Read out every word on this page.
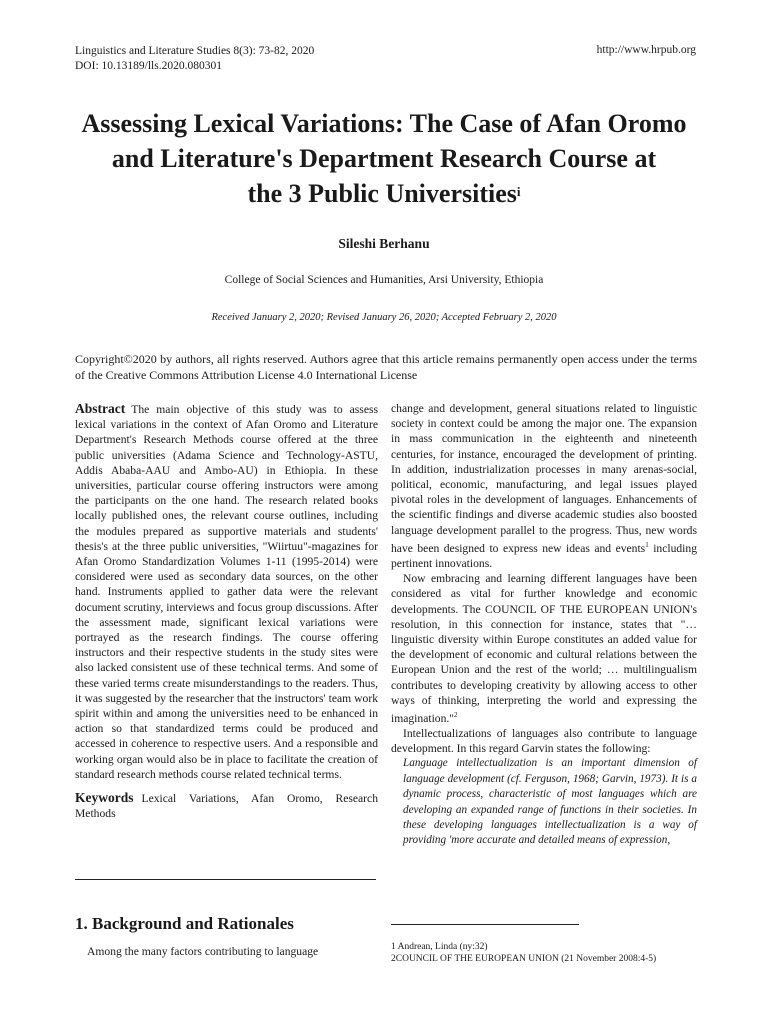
Linguistics and Literature Studies 8(3): 73-82, 2020
DOI: 10.13189/lls.2020.080301
http://www.hrpub.org
Assessing Lexical Variations: The Case of Afan Oromo
and Literature's Department Research Course at
the 3 Public Universities$^i$
Sileshi Berhanu
College of Social Sciences and Humanities, Arsi University, Ethiopia
Received January 2, 2020; Revised January 26, 2020; Accepted February 2, 2020
Copyright©2020 by authors, all rights reserved. Authors agree that this article remains permanently open access under the terms of the Creative Commons Attribution License 4.0 International License

Abstract The main objective of this study was to assess lexical variations in the context of Afan Oromo and Literature Department's Research Methods course offered at the three public universities (Adama Science and Technology-ASTU, Addis Ababa-AAU and Ambo-AU) in Ethiopia. In these universities, particular course offering instructors were among the participants on the one hand. The research related books locally published ones, the relevant course outlines, including the modules prepared as supportive materials and students' thesis's at the three public universities, "Wiirtuu"-magazines for Afan Oromo Standardization Volumes 1-11 (1995-2014) were considered were used as secondary data sources, on the other hand. Instruments applied to gather data were the relevant document scrutiny, interviews and focus group discussions. After the assessment made, significant lexical variations were portrayed as the research findings. The course offering instructors and their respective students in the study sites were also lacked consistent use of these technical terms. And some of these varied terms create misunderstandings to the readers. Thus, it was suggested by the researcher that the instructors' team work spirit within and among the universities need to be enhanced in action so that standardized terms could be produced and accessed in coherence to respective users. And a responsible and working organ would also be in place to facilitate the creation of standard research methods course related technical terms.

Keywords Lexical Variations, Afan Oromo, Research Methods

1. Background and Rationales
Among the many factors contributing to language

change and development, general situations related to linguistic society in context could be among the major one. The expansion in mass communication in the eighteenth and nineteenth centuries, for instance, encouraged the development of printing. In addition, industrialization processes in many arenas-social, political, economic, manufacturing, and legal issues played pivotal roles in the development of languages. Enhancements of the scientific findings and diverse academic studies also boosted language development parallel to the progress. Thus, new words have been designed to express new ideas and events$^1$ including pertinent innovations.

Now embracing and learning different languages have been considered as vital for further knowledge and economic developments. The COUNCIL OF THE EUROPEAN UNION's resolution, in this connection for instance, states that "… linguistic diversity within Europe constitutes an added value for the development of economic and cultural relations between the European Union and the rest of the world; … multilingualism contributes to developing creativity by allowing access to other ways of thinking, interpreting the world and expressing the imagination."$^2$

Intellectualizations of languages also contribute to language development. In this regard Garvin states the following:

Language intellectualization is an important dimension of language development (cf. Ferguson, 1968; Garvin, 1973). It is a dynamic process, characteristic of most languages which are developing an expanded range of functions in their societies. In these developing languages intellectualization is a way of providing 'more accurate and detailed means of expression,

1 Andrean, Linda (ny:32)
2COUNCIL OF THE EUROPEAN UNION (21 November 2008:4-5)
